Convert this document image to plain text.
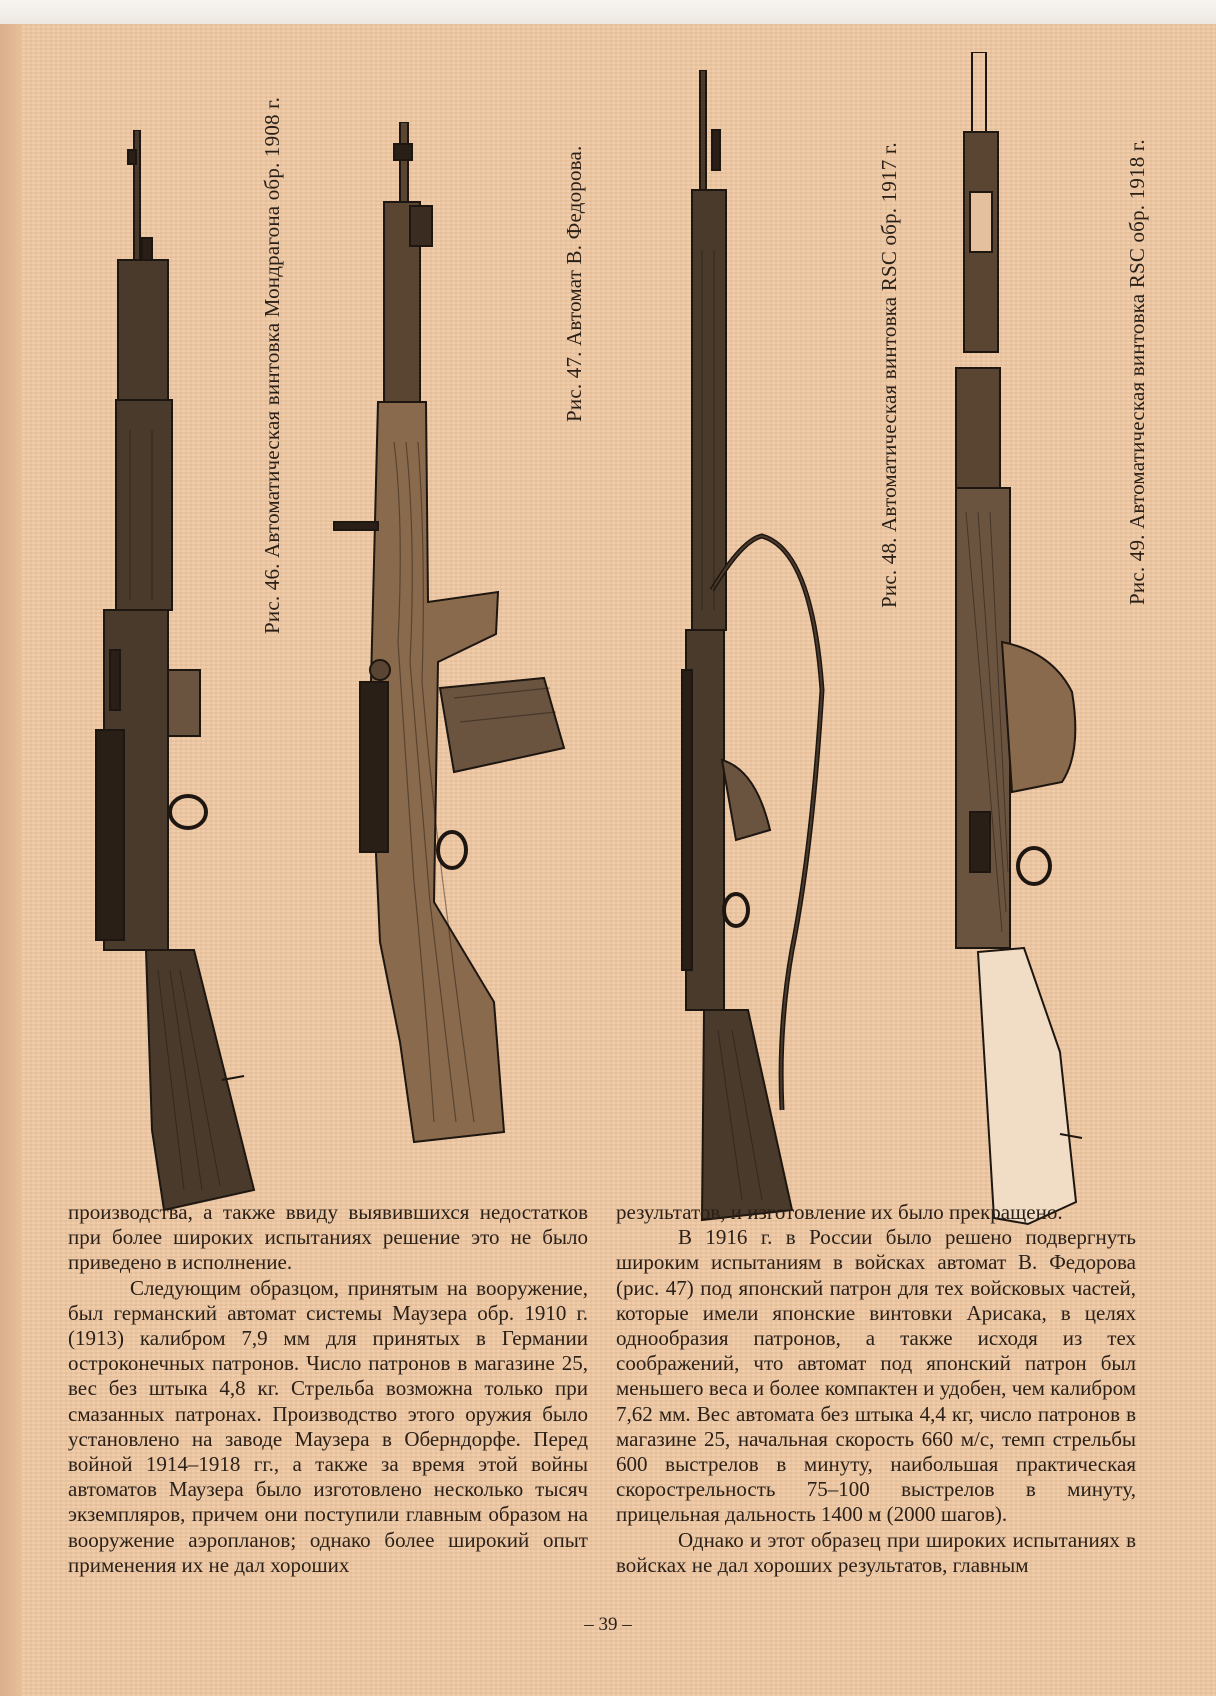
Рис. 46. Автоматическая винтовка Мондрагона обр. 1908 г.	Рис. 47. Автомат В. Федорова.	Рис. 48. Автоматическая винтовка RSC обр. 1917 г.	Рис. 49. Автоматическая винтовка RSC обр. 1918 г.

производства, а также ввиду выявившихся недостатков при более широких испытаниях решение это не было приведено в исполнение.

Следующим образцом, принятым на вооружение, был германский автомат системы Маузера обр. 1910 г. (1913) калибром 7,9 мм для принятых в Германии остроконечных патронов. Число патронов в магазине 25, вес без штыка 4,8 кг. Стрельба возможна только при смазанных патронах. Производство этого оружия было установлено на заводе Маузера в Оберндорфе. Перед войной 1914–1918 гг., а также за время этой войны автоматов Маузера было изготовлено несколько тысяч экземпляров, причем они поступили главным образом на вооружение аэропланов; однако более широкий опыт применения их не дал хороших

результатов, и изготовление их было прекращено.

В 1916 г. в России было решено подвергнуть широким испытаниям в войсках автомат В. Федорова (рис. 47) под японский патрон для тех войсковых частей, которые имели японские винтовки Арисака, в целях однообразия патронов, а также исходя из тех соображений, что автомат под японский патрон был меньшего веса и более компактен и удобен, чем калибром 7,62 мм. Вес автомата без штыка 4,4 кг, число патронов в магазине 25, начальная скорость 660 м/с, темп стрельбы 600 выстрелов в минуту, наибольшая практическая скорострельность 75–100 выстрелов в минуту, прицельная дальность 1400 м (2000 шагов).

Однако и этот образец при широких испытаниях в войсках не дал хороших результатов, главным

– 39 –
